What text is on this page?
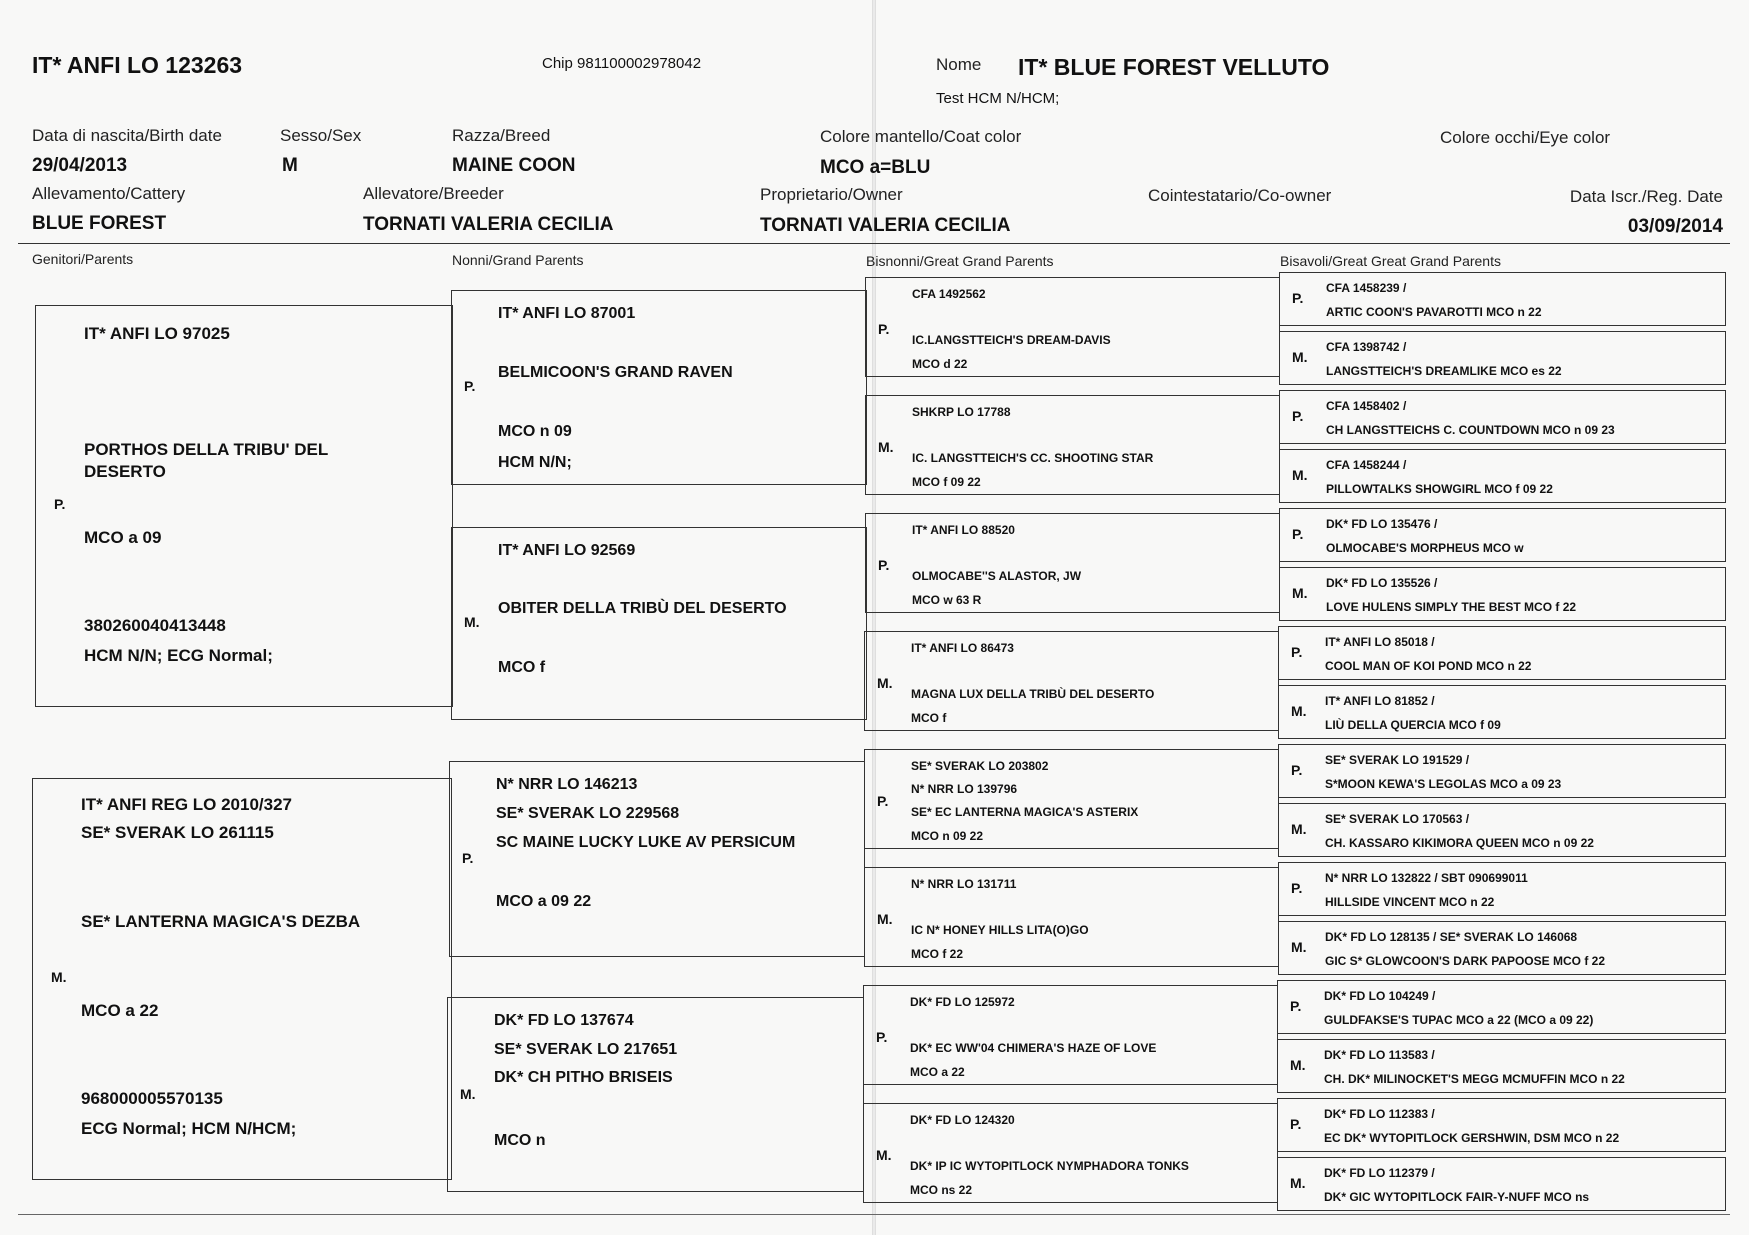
IT* ANFI LO 123263	Chip 981100002978042	Nome IT* BLUE FOREST VELLUTO
Test HCM N/HCM;
Data di nascita/Birth date
29/04/2013
Sesso/Sex
M
Razza/Breed
MAINE COON
Colore mantello/Coat color
MCO a=BLU
Colore occhi/Eye color
Allevamento/Cattery
BLUE FOREST
Allevatore/Breeder
TORNATI VALERIA CECILIA
Proprietario/Owner
TORNATI VALERIA CECILIA
Cointestatario/Co-owner	Data Iscr./Reg. Date
03/09/2014
Genitori/Parents	Nonni/Grand Parents	Bisnonni/Great Grand Parents	Bisavoli/Great Great Grand Parents
IT* ANFI LO 97025
PORTHOS DELLA TRIBU' DEL DESERTO
P.
MCO a 09
380260040413448
HCM N/N; ECG Normal;
IT* ANFI REG LO 2010/327
SE* SVERAK LO 261115
SE* LANTERNA MAGICA'S DEZBA
M.
MCO a 22
968000005570135
ECG Normal; HCM N/HCM;
IT* ANFI LO 87001
BELMICOON'S GRAND RAVEN
P.
MCO n 09
HCM N/N;
IT* ANFI LO 92569
OBITER DELLA TRIBÙ DEL DESERTO
M.
MCO f
N* NRR LO 146213
SE* SVERAK LO 229568
SC MAINE LUCKY LUKE AV PERSICUM
P.
MCO a 09 22
DK* FD LO 137674
SE* SVERAK LO 217651
DK* CH PITHO BRISEIS
M.
MCO n
CFA 1492562
P.
IC.LANGSTTEICH'S DREAM-DAVIS
MCO d 22
SHKRP LO 17788
M.
IC. LANGSTTEICH'S CC. SHOOTING STAR
MCO f 09 22
IT* ANFI LO 88520
P.
OLMOCABE''S ALASTOR, JW
MCO w 63 R
IT* ANFI LO 86473
M.
MAGNA LUX DELLA TRIBÙ DEL DESERTO
MCO f
SE* SVERAK LO 203802
N* NRR LO 139796
P.
SE* EC LANTERNA MAGICA'S ASTERIX
MCO n 09 22
N* NRR LO 131711
M.
IC N* HONEY HILLS LITA(O)GO
MCO f 22
DK* FD LO 125972
P.
DK* EC WW'04 CHIMERA'S HAZE OF LOVE
MCO a 22
DK* FD LO 124320
M.
DK* IP IC WYTOPITLOCK NYMPHADORA TONKS
MCO ns 22
CFA 1458239 /
P.
ARTIC COON'S PAVAROTTI MCO n 22
CFA 1398742 /
M.
LANGSTTEICH'S DREAMLIKE MCO es 22
CFA 1458402 /
P.
CH LANGSTTEICHS C. COUNTDOWN MCO n 09 23
CFA 1458244 /
M.
PILLOWTALKS SHOWGIRL MCO f 09 22
DK* FD LO 135476 /
P.
OLMOCABE'S MORPHEUS MCO w
DK* FD LO 135526 /
M.
LOVE HULENS SIMPLY THE BEST MCO f 22
IT* ANFI LO 85018 /
P.
COOL MAN OF KOI POND MCO n 22
IT* ANFI LO 81852 /
M.
LIÙ DELLA QUERCIA MCO f 09
SE* SVERAK LO 191529 /
P.
S*MOON KEWA'S LEGOLAS MCO a 09 23
SE* SVERAK LO 170563 /
M.
CH. KASSARO KIKIMORA QUEEN MCO n 09 22
N* NRR LO 132822 / SBT 090699011
P.
HILLSIDE VINCENT MCO n 22
DK* FD LO 128135 / SE* SVERAK LO 146068
M.
GIC S* GLOWCOON'S DARK PAPOOSE MCO f 22
DK* FD LO 104249 /
P.
GULDFAKSE'S TUPAC MCO a 22 (MCO a 09 22)
DK* FD LO 113583 /
M.
CH. DK* MILINOCKET'S MEGG MCMUFFIN MCO n 22
DK* FD LO 112383 /
P.
EC DK* WYTOPITLOCK GERSHWIN, DSM MCO n 22
DK* FD LO 112379 /
M.
DK* GIC WYTOPITLOCK FAIR-Y-NUFF MCO ns
